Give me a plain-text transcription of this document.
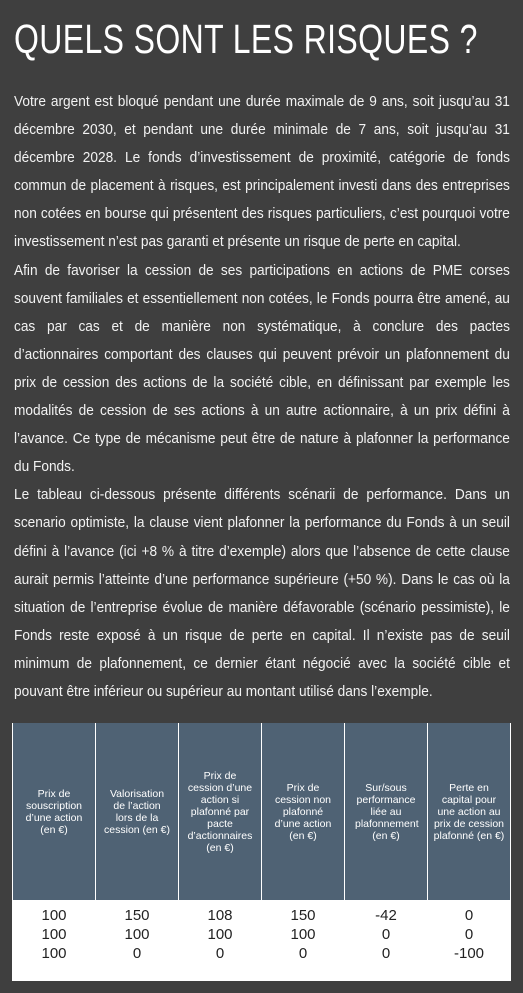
QUELS SONT LES RISQUES ?

Votre argent est bloqué pendant une durée maximale de 9 ans, soit jusqu’au 31 décembre 2030, et pendant une durée minimale de 7 ans, soit jusqu’au 31 décembre 2028. Le fonds d’investissement de proximité, catégorie de fonds commun de placement à risques, est principalement investi dans des entreprises non cotées en bourse qui présentent des risques particuliers, c’est pourquoi votre investissement n’est pas garanti et présente un risque de perte en capital.

Afin de favoriser la cession de ses participations en actions de PME corses souvent familiales et essentiellement non cotées, le Fonds pourra être amené, au cas par cas et de manière non systématique, à conclure des pactes d’actionnaires comportant des clauses qui peuvent prévoir un plafonnement du prix de cession des actions de la société cible, en définissant par exemple les modalités de cession de ses actions à un autre actionnaire, à un prix défini à l’avance. Ce type de mécanisme peut être de nature à plafonner la performance du Fonds.

Le tableau ci-dessous présente différents scénarii de performance. Dans un scenario optimiste, la clause vient plafonner la performance du Fonds à un seuil défini à l’avance (ici +8 % à titre d’exemple) alors que l’absence de cette clause aurait permis l’atteinte d’une performance supérieure (+50 %). Dans le cas où la situation de l’entreprise évolue de manière défavorable (scénario pessimiste), le Fonds reste exposé à un risque de perte en capital. Il n’existe pas de seuil minimum de plafonnement, ce dernier étant négocié avec la société cible et pouvant être inférieur ou supérieur au montant utilisé dans l’exemple.

Prix de souscription d’une action (en €)	Valorisation de l’action lors de la cession (en €)	Prix de cession d’une action si plafonné par pacte d’actionnaires (en €)	Prix de cession non plafonné d’une action (en €)	Sur/sous performance liée au plafonnement (en €)	Perte en capital pour une action au prix de cession plafonné (en €)
100	150	108	150	-42	0
100	100	100	100	0	0
100	0	0	0	0	-100
